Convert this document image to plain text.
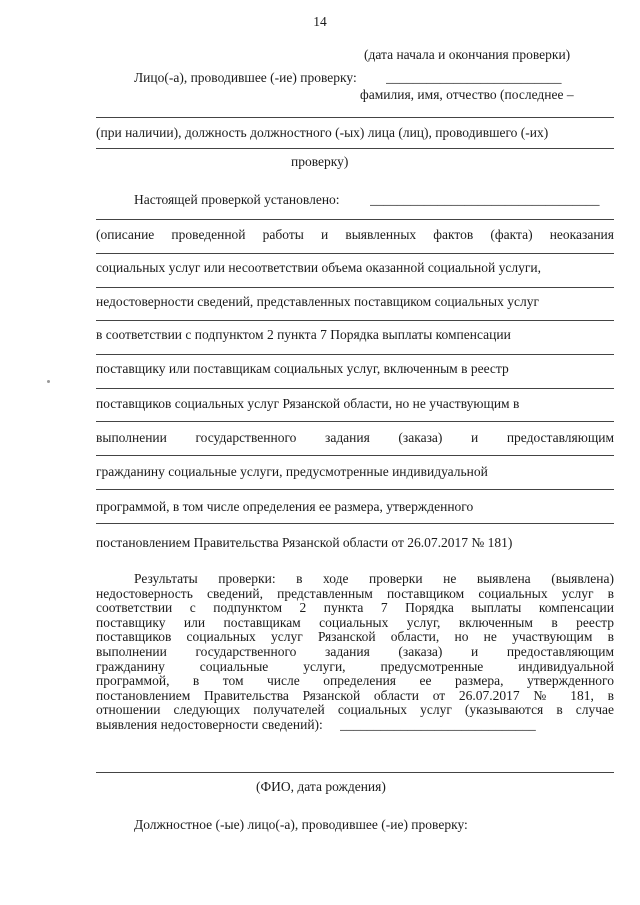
14
(дата начала и окончания проверки)
Лицо(-а), проводившее (-ие) проверку: __________________________
фамилия, имя, отчество (последнее –
(при наличии), должность должностного (-ых) лица (лиц), проводившего (-их)
проверку)
Настоящей проверкой установлено: __________________________________
(описание проведенной работы и выявленных фактов (факта) неоказания
социальных услуг или несоответствии объема оказанной социальной услуги,
недостоверности сведений, представленных поставщиком социальных услуг
в соответствии с подпунктом 2 пункта 7 Порядка выплаты компенсации
поставщику или поставщикам социальных услуг, включенным в реестр
поставщиков социальных услуг Рязанской области, но не участвующим в
выполнении государственного задания (заказа) и предоставляющим
гражданину социальные услуги, предусмотренные индивидуальной
программой, в том числе определения ее размера, утвержденного
постановлением Правительства Рязанской области от 26.07.2017 № 181)
Результаты проверки: в ходе проверки не выявлена (выявлена)
недостоверность сведений, представленным поставщиком социальных услуг в
соответствии с подпунктом 2 пункта 7 Порядка выплаты компенсации
поставщику или поставщикам социальных услуг, включенным в реестр
поставщиков социальных услуг Рязанской области, но не участвующим в
выполнении государственного задания (заказа) и предоставляющим
гражданину социальные услуги, предусмотренные индивидуальной
программой, в том числе определения ее размера, утвержденного
постановлением Правительства Рязанской области от 26.07.2017 № 181, в
отношении следующих получателей социальных услуг (указываются в случае
выявления недостоверности сведений):	_____________________________
(ФИО, дата рождения)
Должностное (-ые) лицо(-а), проводившее (-ие) проверку:
